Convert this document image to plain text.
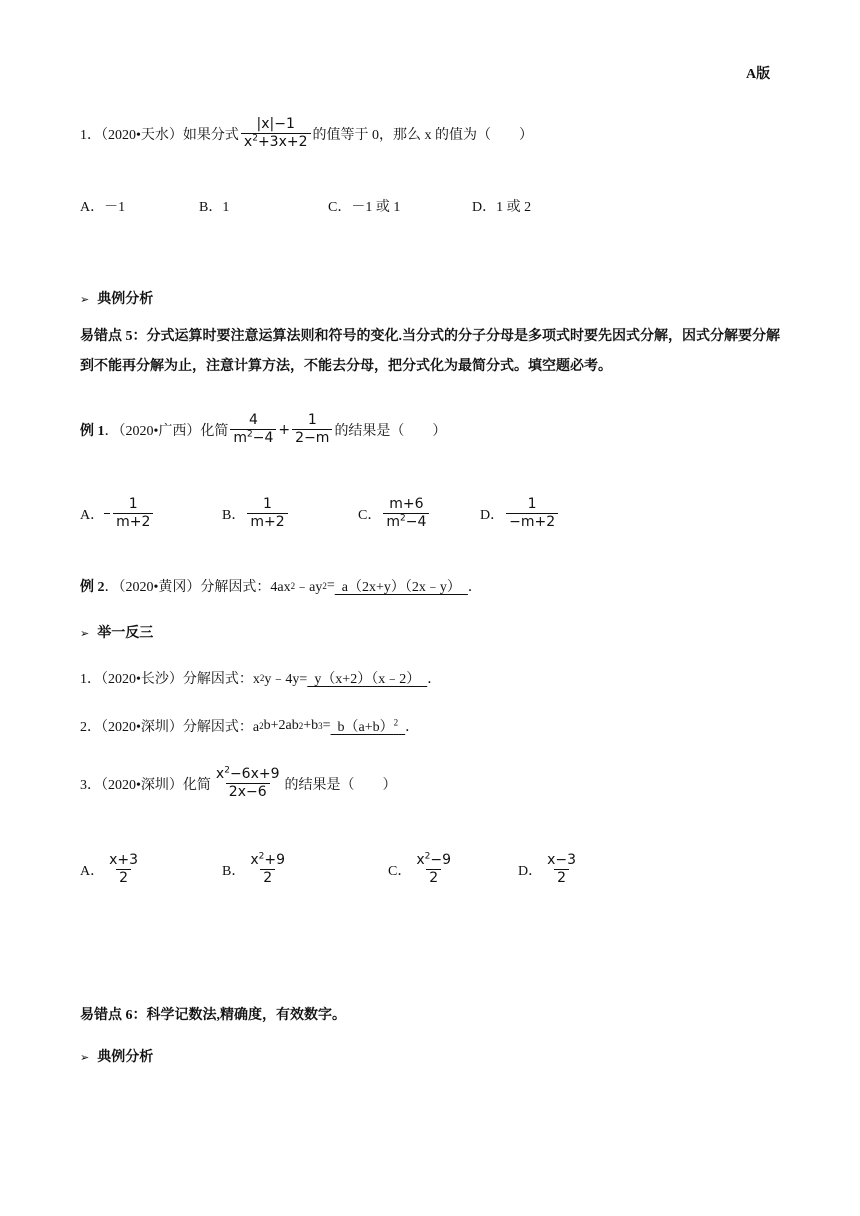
A版
1．（2020•天水）如果分式 $\frac{|x|-1}{x^2+3x+2}$ 的值等于 0，那么 x 的值为（　　）
A．－1	B．1	C．－1 或 1	D．1 或 2
➢ 典例分析
易错点 5：分式运算时要注意运算法则和符号的变化.当分式的分子分母是多项式时要先因式分解，因式分解要分解到不能再分解为止，注意计算方法，不能去分母，把分式化为最简分式。填空题必考。
例 1 ．（2020•广西）化简 $\frac{4}{m^2-4} + \frac{1}{2-m}$ 的结果是（　　）
A． $\frac{1}{m+2}$	B． $\frac{1}{m+2}$	C． $\frac{m+6}{m^2-4}$	D． $\frac{1}{-m+2}$
例 2 ．（2020•黄冈）分解因式：4ax 2 ﹣ay 2 = a（2x+y）（2x﹣y） ．
➢ 举一反三
1．（2020•长沙）分解因式：x 2 y﹣4y= y（x+2）（x﹣2） ．
2．（2020•深圳）分解因式：a 2 b+2ab 2 +b $3 = b(a+b)^2$ ．
3．（2020•深圳）化简 $\frac{x^2-6x+9}{2x-6}$ 的结果是（　　）
A． $\frac{x+3}{2}$	B． $\frac{x^2+9}{2}$	C． $\frac{x^2-9}{2}$	D． $\frac{x-3}{2}$
易错点 6：科学记数法,精确度，有效数字。
➢ 典例分析
